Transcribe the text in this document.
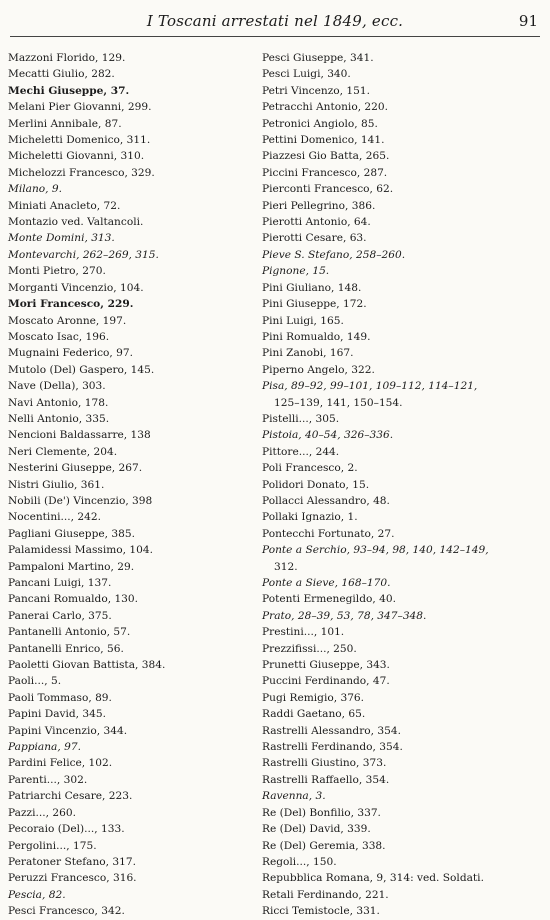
I Toscani arrestati nel 1849, ecc.	91
Mazzoni Florido, 129.
Mecatti Giulio, 282.
Mechi Giuseppe, 37.
Melani Pier Giovanni, 299.
Merlini Annibale, 87.
Micheletti Domenico, 311.
Micheletti Giovanni, 310.
Michelozzi Francesco, 329.
Milano, 9.
Miniati Anacleto, 72.
Montazio ved. Valtancoli.
Monte Domini, 313.
Montevarchi, 262–269, 315.
Monti Pietro, 270.
Morganti Vincenzio, 104.
Mori Francesco, 229.
Moscato Aronne, 197.
Moscato Isac, 196.
Mugnaini Federico, 97.
Mutolo (Del) Gaspero, 145.
Nave (Della), 303.
Navi Antonio, 178.
Nelli Antonio, 335.
Nencioni Baldassarre, 138
Neri Clemente, 204.
Nesterini Giuseppe, 267.
Nistri Giulio, 361.
Nobili (De') Vincenzio, 398
Nocentini..., 242.
Pagliani Giuseppe, 385.
Palamidessi Massimo, 104.
Pampaloni Martino, 29.
Pancani Luigi, 137.
Pancani Romualdo, 130.
Panerai Carlo, 375.
Pantanelli Antonio, 57.
Pantanelli Enrico, 56.
Paoletti Giovan Battista, 384.
Paoli..., 5.
Paoli Tommaso, 89.
Papini David, 345.
Papini Vincenzio, 344.
Pappiana, 97.
Pardini Felice, 102.
Parenti..., 302.
Patriarchi Cesare, 223.
Pazzi..., 260.
Pecoraio (Del)..., 133.
Pergolini..., 175.
Peratoner Stefano, 317.
Peruzzi Francesco, 316.
Pescia, 82.
Pesci Francesco, 342.
Pesci Giuseppe, 341.
Pesci Luigi, 340.
Petri Vincenzo, 151.
Petracchi Antonio, 220.
Petronici Angiolo, 85.
Pettini Domenico, 141.
Piazzesi Gio Batta, 265.
Piccini Francesco, 287.
Pierconti Francesco, 62.
Pieri Pellegrino, 386.
Pierotti Antonio, 64.
Pierotti Cesare, 63.
Pieve S. Stefano, 258–260.
Pignone, 15.
Pini Giuliano, 148.
Pini Giuseppe, 172.
Pini Luigi, 165.
Pini Romualdo, 149.
Pini Zanobi, 167.
Piperno Angelo, 322.
Pisa, 89–92, 99–101, 109–112, 114–121,
125–139, 141, 150–154.
Pistelli..., 305.
Pistoia, 40–54, 326–336.
Pittore..., 244.
Poli Francesco, 2.
Polidori Donato, 15.
Pollacci Alessandro, 48.
Pollaki Ignazio, 1.
Pontecchi Fortunato, 27.
Ponte a Serchio, 93–94, 98, 140, 142–149,
312.
Ponte a Sieve, 168–170.
Potenti Ermenegildo, 40.
Prato, 28–39, 53, 78, 347–348.
Prestini..., 101.
Prezzifissi..., 250.
Prunetti Giuseppe, 343.
Puccini Ferdinando, 47.
Pugi Remigio, 376.
Raddi Gaetano, 65.
Rastrelli Alessandro, 354.
Rastrelli Ferdinando, 354.
Rastrelli Giustino, 373.
Rastrelli Raffaello, 354.
Ravenna, 3.
Re (Del) Bonfilio, 337.
Re (Del) David, 339.
Re (Del) Geremia, 338.
Regoli..., 150.
Repubblica Romana, 9, 314: ved. Soldati.
Retali Ferdinando, 221.
Ricci Temistocle, 331.
